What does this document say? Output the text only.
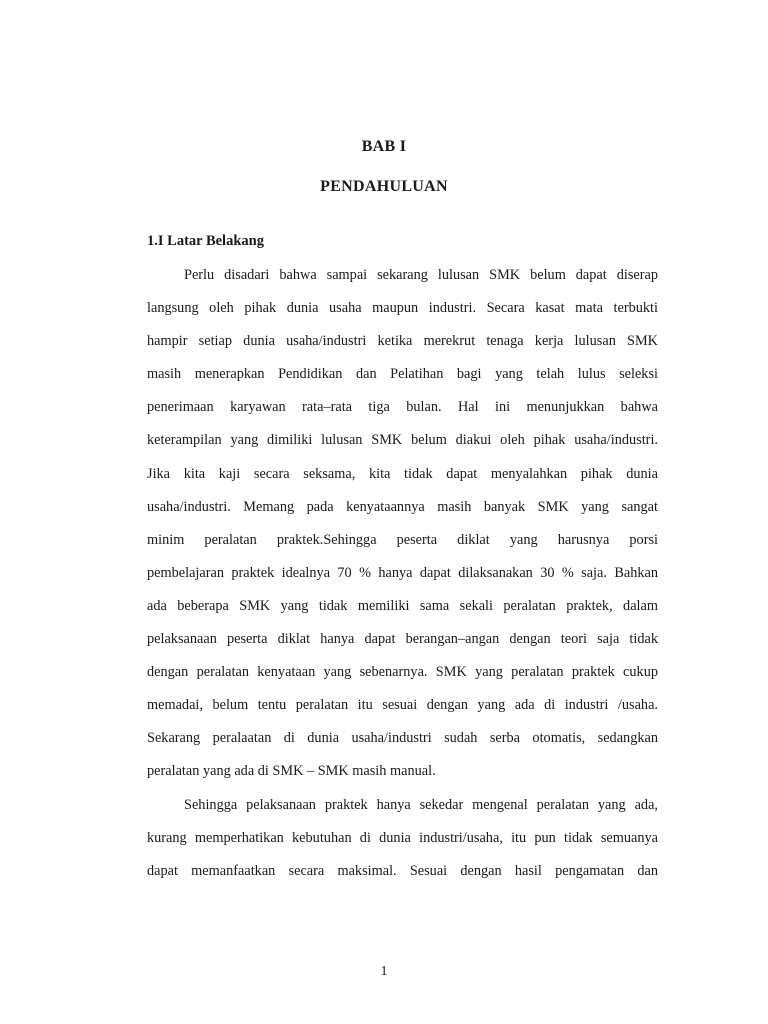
BAB I
PENDAHULUAN
1.I Latar Belakang
Perlu disadari bahwa sampai sekarang lulusan SMK belum dapat diserap
langsung oleh pihak dunia usaha maupun industri. Secara kasat mata terbukti
hampir setiap dunia usaha/industri ketika merekrut tenaga kerja lulusan SMK
masih menerapkan Pendidikan dan Pelatihan bagi yang telah lulus seleksi
penerimaan karyawan rata–rata tiga bulan. Hal ini menunjukkan bahwa
keterampilan yang dimiliki lulusan SMK belum diakui oleh pihak usaha/industri.
Jika kita kaji secara seksama, kita tidak dapat menyalahkan pihak dunia
usaha/industri. Memang pada kenyataannya masih banyak SMK yang sangat
minim peralatan praktek.Sehingga peserta diklat yang harusnya porsi
pembelajaran praktek idealnya 70 % hanya dapat dilaksanakan 30 % saja. Bahkan
ada beberapa SMK yang tidak memiliki sama sekali peralatan praktek, dalam
pelaksanaan peserta diklat hanya dapat berangan–angan dengan teori saja tidak
dengan peralatan kenyataan yang sebenarnya. SMK yang peralatan praktek cukup
memadai, belum tentu peralatan itu sesuai dengan yang ada di industri /usaha.
Sekarang peralaatan di dunia usaha/industri sudah serba otomatis, sedangkan
peralatan yang ada di SMK – SMK masih manual.
Sehingga pelaksanaan praktek hanya sekedar mengenal peralatan yang ada,
kurang memperhatikan kebutuhan di dunia industri/usaha, itu pun tidak semuanya
dapat memanfaatkan secara maksimal. Sesuai dengan hasil pengamatan dan
1
